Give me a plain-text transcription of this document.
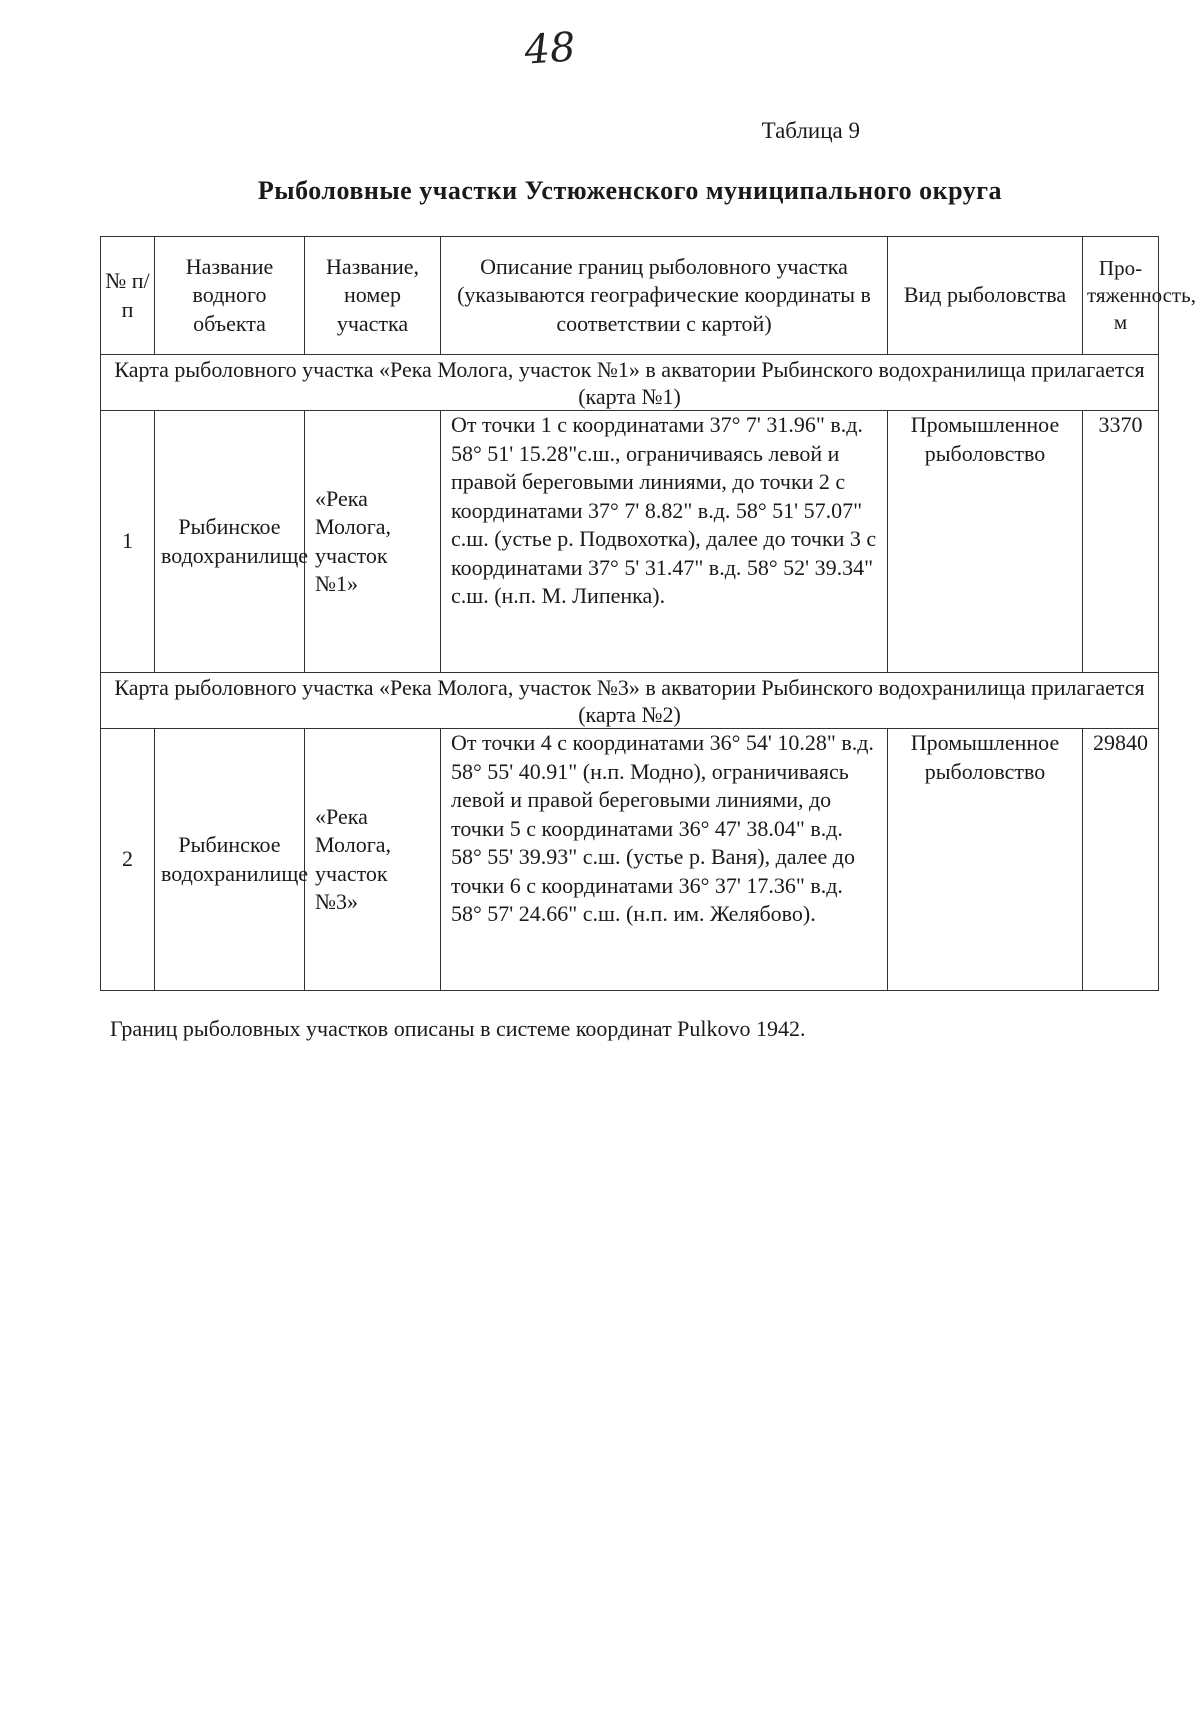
48
Таблица 9
Рыболовные участки Устюженского муниципального округа
№ п/ п	Название водного объекта	Название, номер участка	Описание границ рыболовного участка (указываются географические координаты в соответствии с картой)	Вид рыболовства	Про-тяженность, м
Карта рыболовного участка «Река Молога, участок №1» в акватории Рыбинского водохранилища прилагается (карта №1)					
1	Рыбинское водохранилище	«Река Молога, участок №1»	От точки 1 с координатами 37° 7' 31.96" в.д. 58° 51' 15.28"с.ш., ограничиваясь левой и правой береговыми линиями, до точки 2 с координатами 37° 7' 8.82" в.д. 58° 51' 57.07" с.ш. (устье р. Подвохотка), далее до точки 3 с координатами 37° 5' 31.47" в.д. 58° 52' 39.34" с.ш. (н.п. М. Липенка).	Промышленное рыболовство	3370
Карта рыболовного участка «Река Молога, участок №3» в акватории Рыбинского водохранилища прилагается (карта №2)					
2	Рыбинское водохранилище	«Река Молога, участок №3»	От точки 4 с координатами 36° 54' 10.28" в.д. 58° 55' 40.91" (н.п. Модно), ограничиваясь левой и правой береговыми линиями, до точки 5 с координатами 36° 47' 38.04" в.д. 58° 55' 39.93" с.ш. (устье р. Ваня), далее до точки 6 с координатами 36° 37' 17.36" в.д. 58° 57' 24.66" с.ш. (н.п. им. Желябово).	Промышленное рыболовство	29840
Границ рыболовных участков описаны в системе координат Pulkovo 1942.
